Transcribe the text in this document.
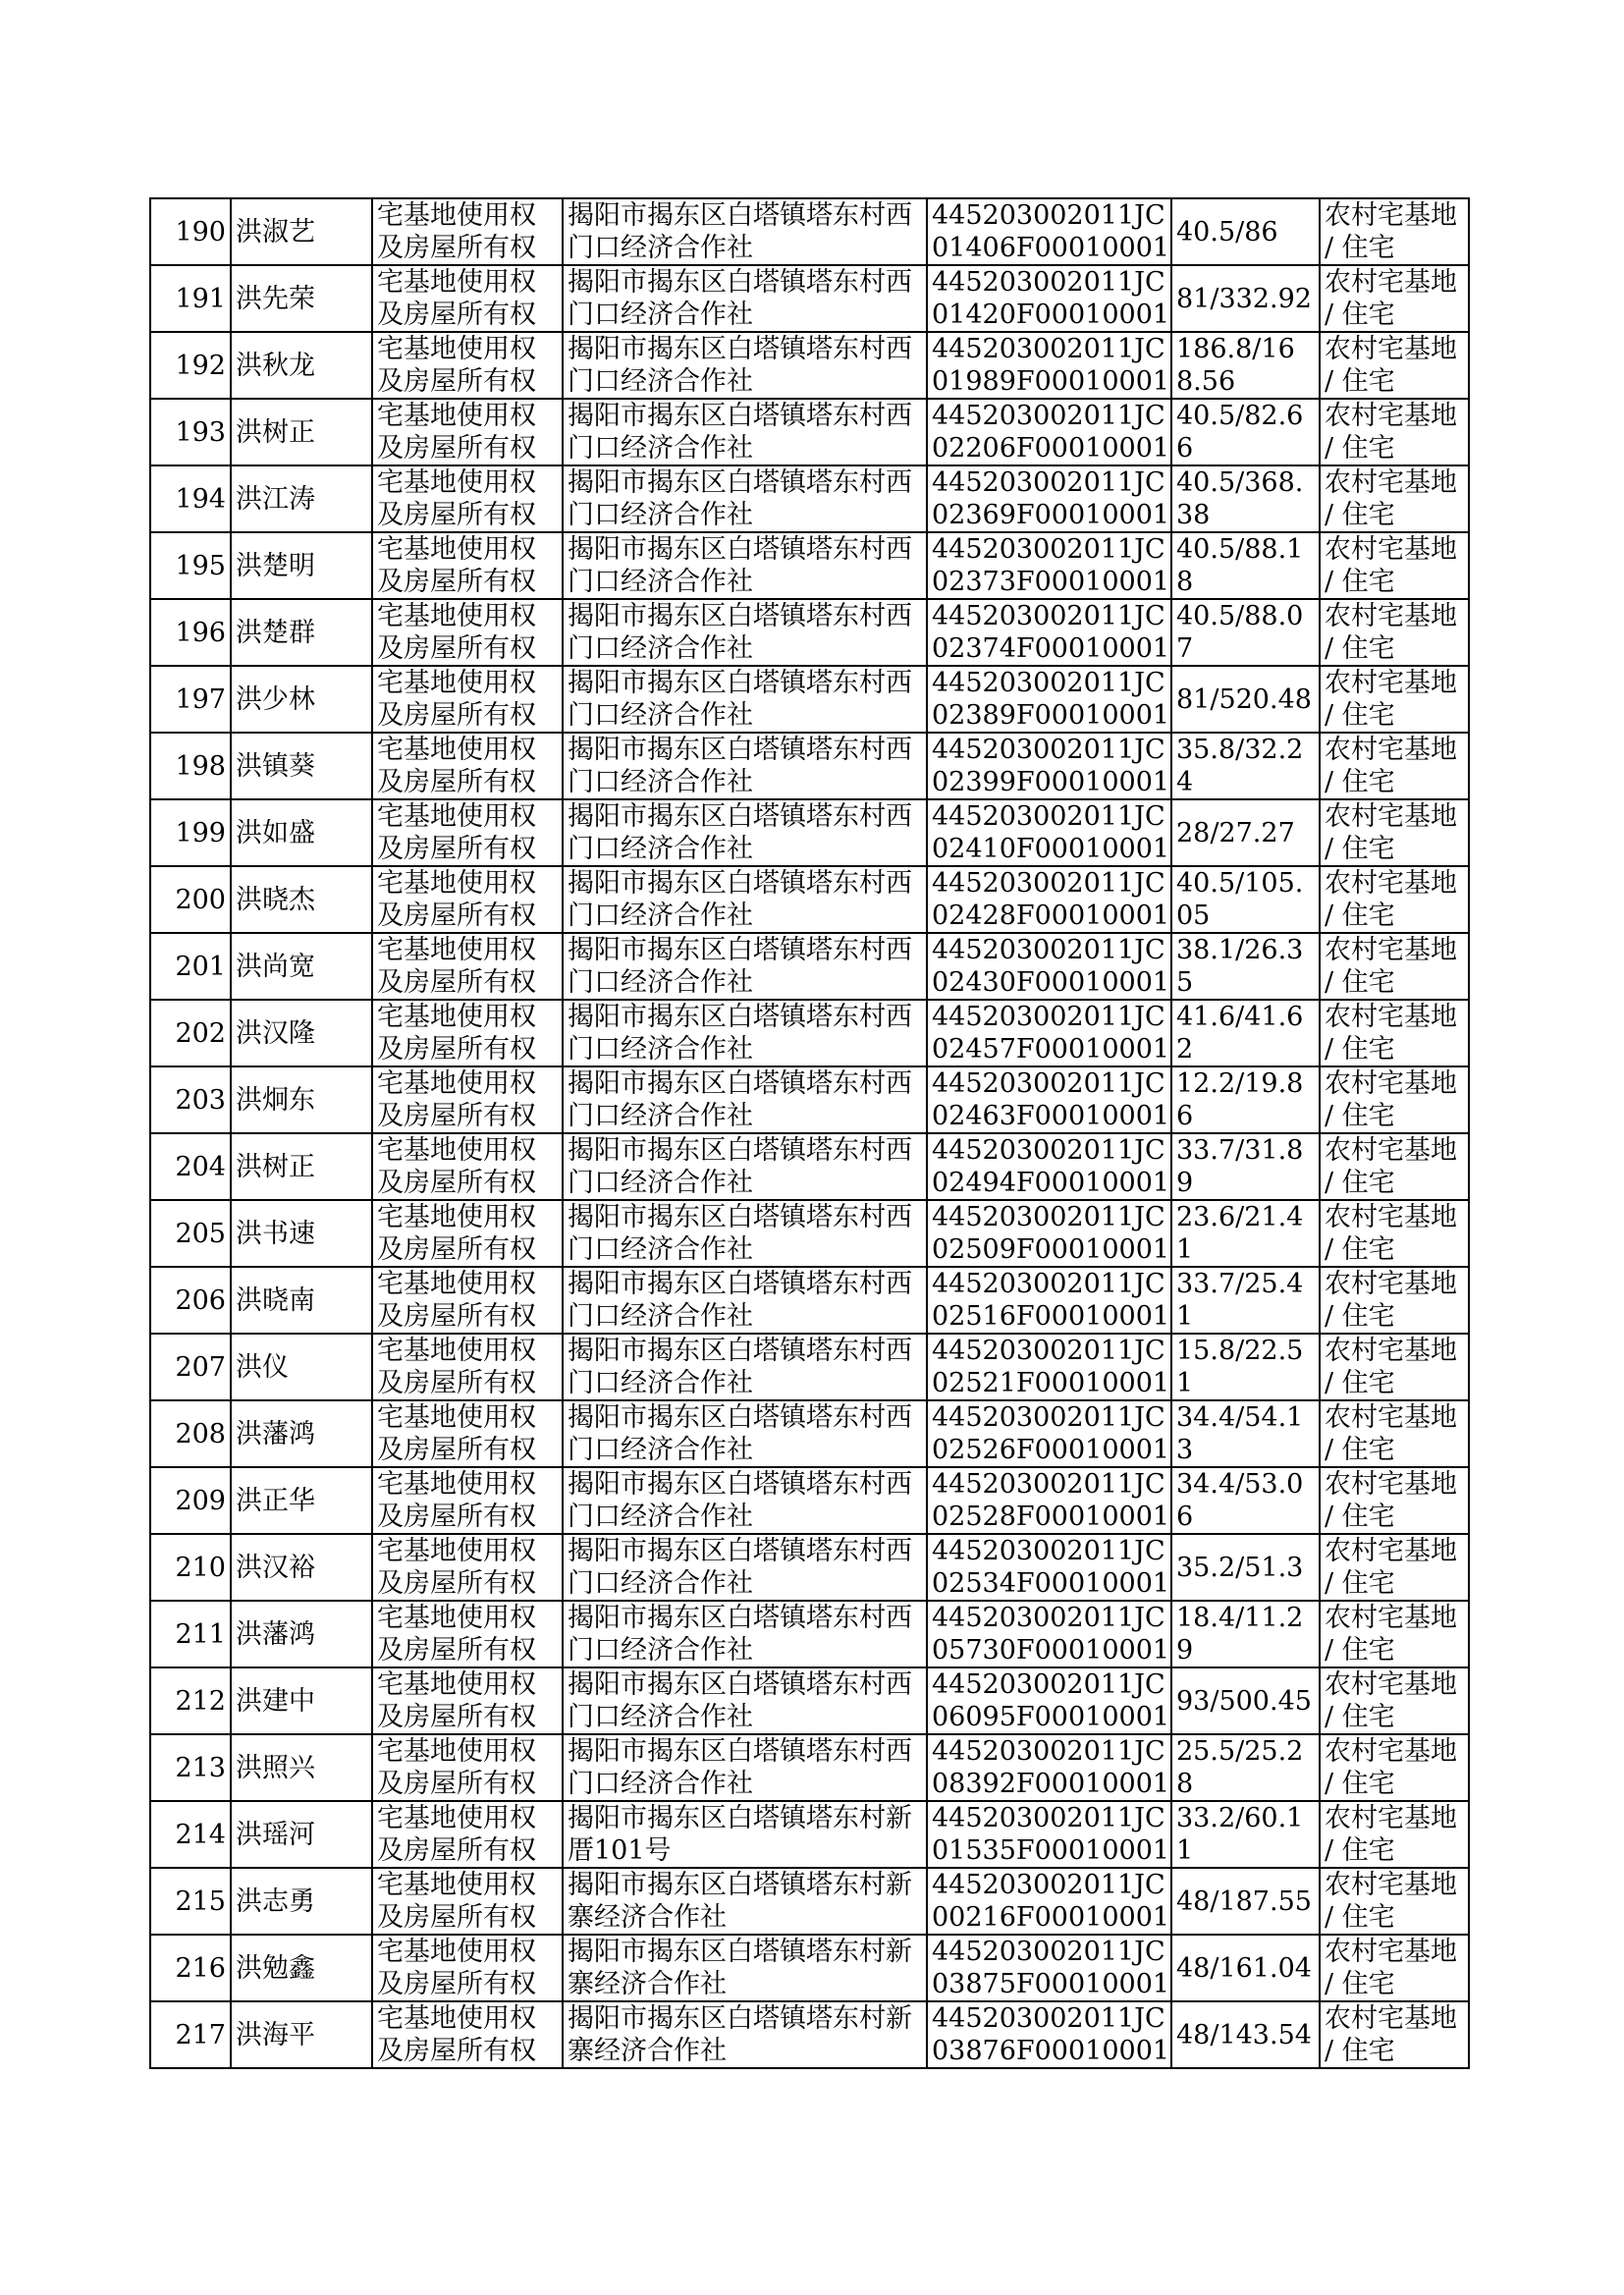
190	洪淑艺	宅基地使用权及房屋所有权	揭阳市揭东区白塔镇塔东村西门口经济合作社	445203002011JC01406F00010001	40.5/86	农村宅基地 / 住宅

191	洪先荣	宅基地使用权及房屋所有权	揭阳市揭东区白塔镇塔东村西门口经济合作社	445203002011JC01420F00010001	81/332.92	农村宅基地 / 住宅

192	洪秋龙	宅基地使用权及房屋所有权	揭阳市揭东区白塔镇塔东村西门口经济合作社	445203002011JC01989F00010001	186.8/168.56	农村宅基地 / 住宅

193	洪树正	宅基地使用权及房屋所有权	揭阳市揭东区白塔镇塔东村西门口经济合作社	445203002011JC02206F00010001	40.5/82.66	农村宅基地 / 住宅

194	洪江涛	宅基地使用权及房屋所有权	揭阳市揭东区白塔镇塔东村西门口经济合作社	445203002011JC02369F00010001	40.5/368.38	农村宅基地 / 住宅

195	洪楚明	宅基地使用权及房屋所有权	揭阳市揭东区白塔镇塔东村西门口经济合作社	445203002011JC02373F00010001	40.5/88.18	农村宅基地 / 住宅

196	洪楚群	宅基地使用权及房屋所有权	揭阳市揭东区白塔镇塔东村西门口经济合作社	445203002011JC02374F00010001	40.5/88.07	农村宅基地 / 住宅

197	洪少林	宅基地使用权及房屋所有权	揭阳市揭东区白塔镇塔东村西门口经济合作社	445203002011JC02389F00010001	81/520.48	农村宅基地 / 住宅

198	洪镇葵	宅基地使用权及房屋所有权	揭阳市揭东区白塔镇塔东村西门口经济合作社	445203002011JC02399F00010001	35.8/32.24	农村宅基地 / 住宅

199	洪如盛	宅基地使用权及房屋所有权	揭阳市揭东区白塔镇塔东村西门口经济合作社	445203002011JC02410F00010001	28/27.27	农村宅基地 / 住宅

200	洪晓杰	宅基地使用权及房屋所有权	揭阳市揭东区白塔镇塔东村西门口经济合作社	445203002011JC02428F00010001	40.5/105.05	农村宅基地 / 住宅

201	洪尚宽	宅基地使用权及房屋所有权	揭阳市揭东区白塔镇塔东村西门口经济合作社	445203002011JC02430F00010001	38.1/26.35	农村宅基地 / 住宅

202	洪汉隆	宅基地使用权及房屋所有权	揭阳市揭东区白塔镇塔东村西门口经济合作社	445203002011JC02457F00010001	41.6/41.62	农村宅基地 / 住宅

203	洪炯东	宅基地使用权及房屋所有权	揭阳市揭东区白塔镇塔东村西门口经济合作社	445203002011JC02463F00010001	12.2/19.86	农村宅基地 / 住宅

204	洪树正	宅基地使用权及房屋所有权	揭阳市揭东区白塔镇塔东村西门口经济合作社	445203002011JC02494F00010001	33.7/31.89	农村宅基地 / 住宅

205	洪书速	宅基地使用权及房屋所有权	揭阳市揭东区白塔镇塔东村西门口经济合作社	445203002011JC02509F00010001	23.6/21.41	农村宅基地 / 住宅

206	洪晓南	宅基地使用权及房屋所有权	揭阳市揭东区白塔镇塔东村西门口经济合作社	445203002011JC02516F00010001	33.7/25.41	农村宅基地 / 住宅

207	洪仪	宅基地使用权及房屋所有权	揭阳市揭东区白塔镇塔东村西门口经济合作社	445203002011JC02521F00010001	15.8/22.51	农村宅基地 / 住宅

208	洪藩鸿	宅基地使用权及房屋所有权	揭阳市揭东区白塔镇塔东村西门口经济合作社	445203002011JC02526F00010001	34.4/54.13	农村宅基地 / 住宅

209	洪正华	宅基地使用权及房屋所有权	揭阳市揭东区白塔镇塔东村西门口经济合作社	445203002011JC02528F00010001	34.4/53.06	农村宅基地 / 住宅

210	洪汉裕	宅基地使用权及房屋所有权	揭阳市揭东区白塔镇塔东村西门口经济合作社	445203002011JC02534F00010001	35.2/51.3	农村宅基地 / 住宅

211	洪藩鸿	宅基地使用权及房屋所有权	揭阳市揭东区白塔镇塔东村西门口经济合作社	445203002011JC05730F00010001	18.4/11.29	农村宅基地 / 住宅

212	洪建中	宅基地使用权及房屋所有权	揭阳市揭东区白塔镇塔东村西门口经济合作社	445203002011JC06095F00010001	93/500.45	农村宅基地 / 住宅

213	洪照兴	宅基地使用权及房屋所有权	揭阳市揭东区白塔镇塔东村西门口经济合作社	445203002011JC08392F00010001	25.5/25.28	农村宅基地 / 住宅

214	洪瑶河	宅基地使用权及房屋所有权	揭阳市揭东区白塔镇塔东村新厝101号	445203002011JC01535F00010001	33.2/60.11	农村宅基地 / 住宅

215	洪志勇	宅基地使用权及房屋所有权	揭阳市揭东区白塔镇塔东村新寨经济合作社	445203002011JC00216F00010001	48/187.55	农村宅基地 / 住宅

216	洪勉鑫	宅基地使用权及房屋所有权	揭阳市揭东区白塔镇塔东村新寨经济合作社	445203002011JC03875F00010001	48/161.04	农村宅基地 / 住宅

217	洪海平	宅基地使用权及房屋所有权	揭阳市揭东区白塔镇塔东村新寨经济合作社	445203002011JC03876F00010001	48/143.54	农村宅基地 / 住宅
